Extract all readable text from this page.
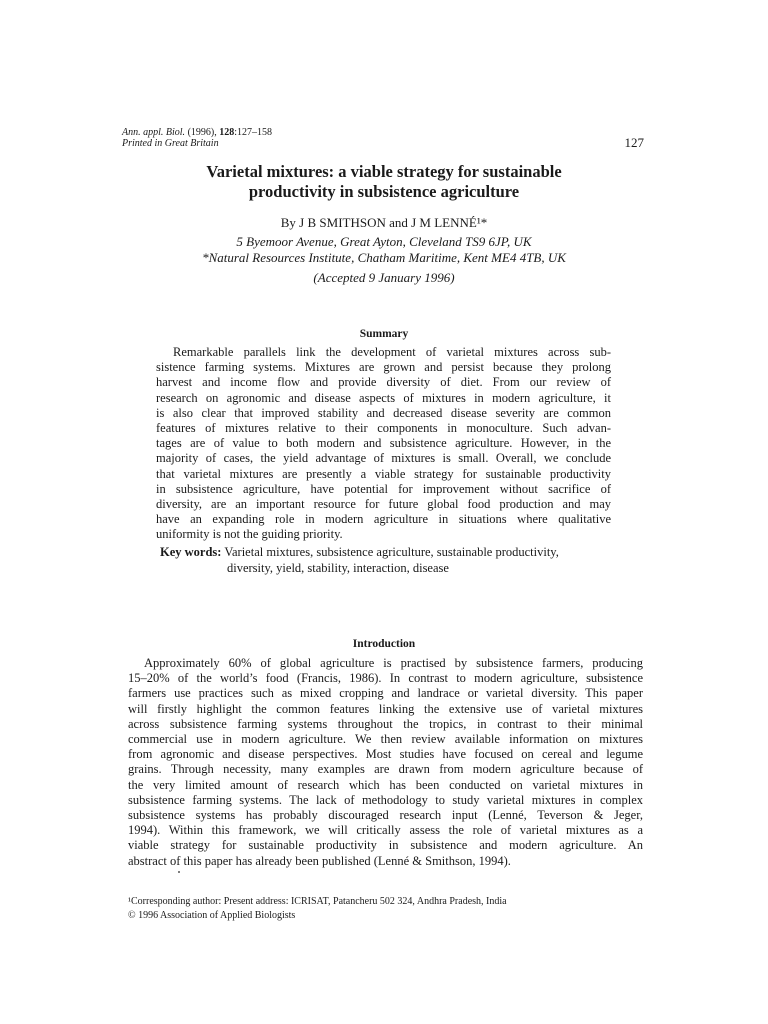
Ann. appl. Biol. (1996), 128:127–158
Printed in Great Britain	127
Varietal mixtures: a viable strategy for sustainable
productivity in subsistence agriculture
By J B SMITHSON and J M LENNÉ¹*
5 Byemoor Avenue, Great Ayton, Cleveland TS9 6JP, UK
*Natural Resources Institute, Chatham Maritime, Kent ME4 4TB, UK
(Accepted 9 January 1996)
Summary
Remarkable parallels link the development of varietal mixtures across sub-
sistence farming systems. Mixtures are grown and persist because they prolong
harvest and income flow and provide diversity of diet. From our review of
research on agronomic and disease aspects of mixtures in modern agriculture, it
is also clear that improved stability and decreased disease severity are common
features of mixtures relative to their components in monoculture. Such advan-
tages are of value to both modern and subsistence agriculture. However, in the
majority of cases, the yield advantage of mixtures is small. Overall, we conclude
that varietal mixtures are presently a viable strategy for sustainable productivity
in subsistence agriculture, have potential for improvement without sacrifice of
diversity, are an important resource for future global food production and may
have an expanding role in modern agriculture in situations where qualitative
uniformity is not the guiding priority.
Key words: Varietal mixtures, subsistence agriculture, sustainable productivity,
diversity, yield, stability, interaction, disease
Introduction
Approximately 60% of global agriculture is practised by subsistence farmers, producing
15–20% of the world’s food (Francis, 1986). In contrast to modern agriculture, subsistence
farmers use practices such as mixed cropping and landrace or varietal diversity. This paper
will firstly highlight the common features linking the extensive use of varietal mixtures
across subsistence farming systems throughout the tropics, in contrast to their minimal
commercial use in modern agriculture. We then review available information on mixtures
from agronomic and disease perspectives. Most studies have focused on cereal and legume
grains. Through necessity, many examples are drawn from modern agriculture because of
the very limited amount of research which has been conducted on varietal mixtures in
subsistence farming systems. The lack of methodology to study varietal mixtures in complex
subsistence systems has probably discouraged research input (Lenné, Teverson & Jeger,
1994). Within this framework, we will critically assess the role of varietal mixtures as a
viable strategy for sustainable productivity in subsistence and modern agriculture. An
abstract of this paper has already been published (Lenné & Smithson, 1994).
¹Corresponding author: Present address: ICRISAT, Patancheru 502 324, Andhra Pradesh, India
© 1996 Association of Applied Biologists
